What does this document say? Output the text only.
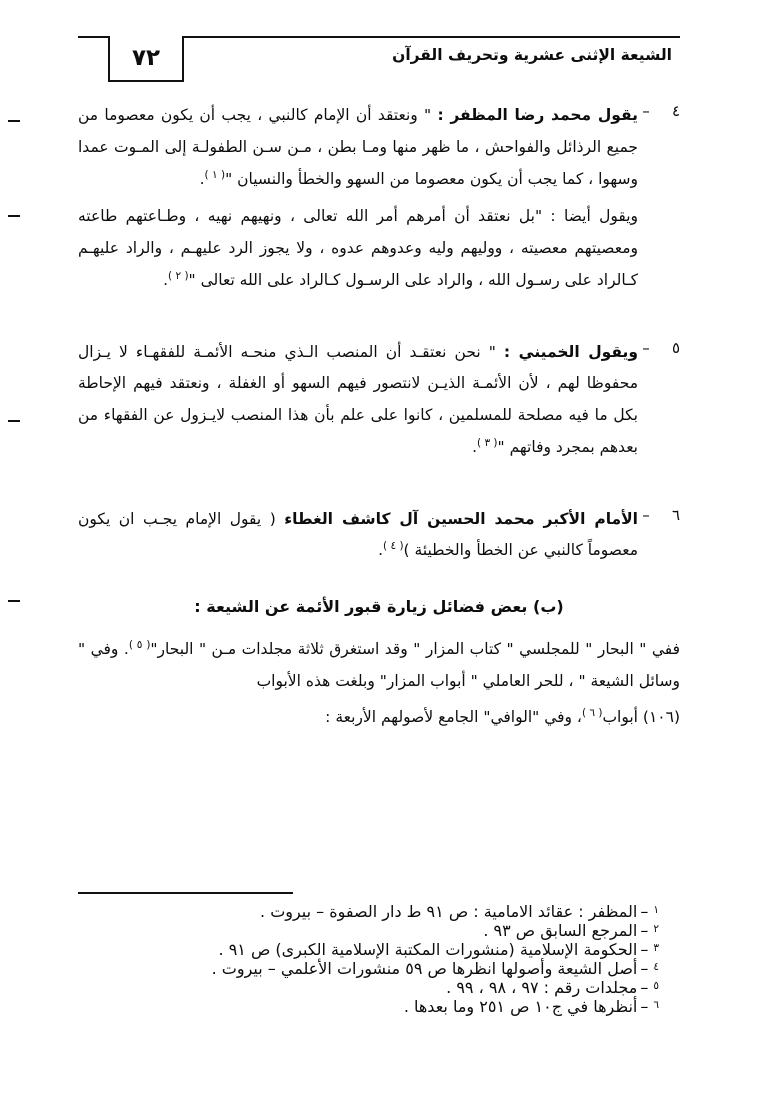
٧٢	الشيعة الإثنى عشرية وتحريف القرآن
٤
–

يقول محمد رضا المظفر : " ونعتقد أن الإمام كالنبي ، يجب أن يكون معصوما من جميع الرذائل والفواحش ، ما ظهر منها ومـا بطن ، مـن سـن الطفولـة إلى المـوت عمدا وسهوا ، كما يجب أن يكون معصوما من السهو والخطأ والنسيان "$^{( ١ )}$.

ويقول أيضا : "بل نعتقد أن أمرهم أمر الله تعالى ، ونهيهم نهيه ، وطـاعتهم طاعته ومعصيتهم معصيته ، ووليهم وليه وعدوهم عدوه ، ولا يجوز الرد عليهـم ، والراد عليهـم كـالراد على رسـول الله ، والراد على الرسـول كـالراد على الله تعالى "$^{( ٢ )}$.

٥
–

ويقول الخميني : " نحن نعتقـد أن المنصب الـذي منحـه الأئمـة للفقهـاء لا يـزال محفوظا لهم ، لأن الأئمـة الذيـن لانتصور فيهم السهو أو الغفلة ، ونعتقد فيهم الإحاطة بكل ما فيه مصلحة للمسلمين ، كانوا على علم بأن هذا المنصب لايـزول عن الفقهاء من بعدهم بمجرد وفاتهم "$^{( ٣ )}$.

٦
–

الأمام الأكبر محمد الحسين آل كاشف الغطاء ( يقول الإمام يجـب ان يكون معصوماً كالنبي عن الخطأ والخطيئة )$^{( ٤ )}$.

(ب) بعض فضائل زيارة قبور الأئمة عن الشيعة :

ففي " البحار " للمجلسي " كتاب المزار " وقد استغرق ثلاثة مجلدات مـن " البحار"$^{( ٥ )}$. وفي " وسائل الشيعة " ، للحر العاملي " أبواب المزار" وبلغت هذه الأبواب

(١٠٦) أبواب$^{( ٦ )}$، وفي "الوافي" الجامع لأصولهم الأربعة :

١
–
المظفر : عقائد الامامية : ص ٩١ ط دار الصفوة – بيروت .
٢
–
المرجع السابق ص ٩٣ .
٣
–
الحكومة الإسلامية (منشورات المكتبة الإسلامية الكبرى) ص ٩١ .
٤
–
أصل الشيعة وأصولها انظرها ص ٥٩ منشورات الأعلمي – بيروت .
٥
–
مجلدات رقم : ٩٧ ، ٩٨ ، ٩٩ .
٦
–
أنظرها في ج١٠ ص ٢٥١ وما بعدها .
